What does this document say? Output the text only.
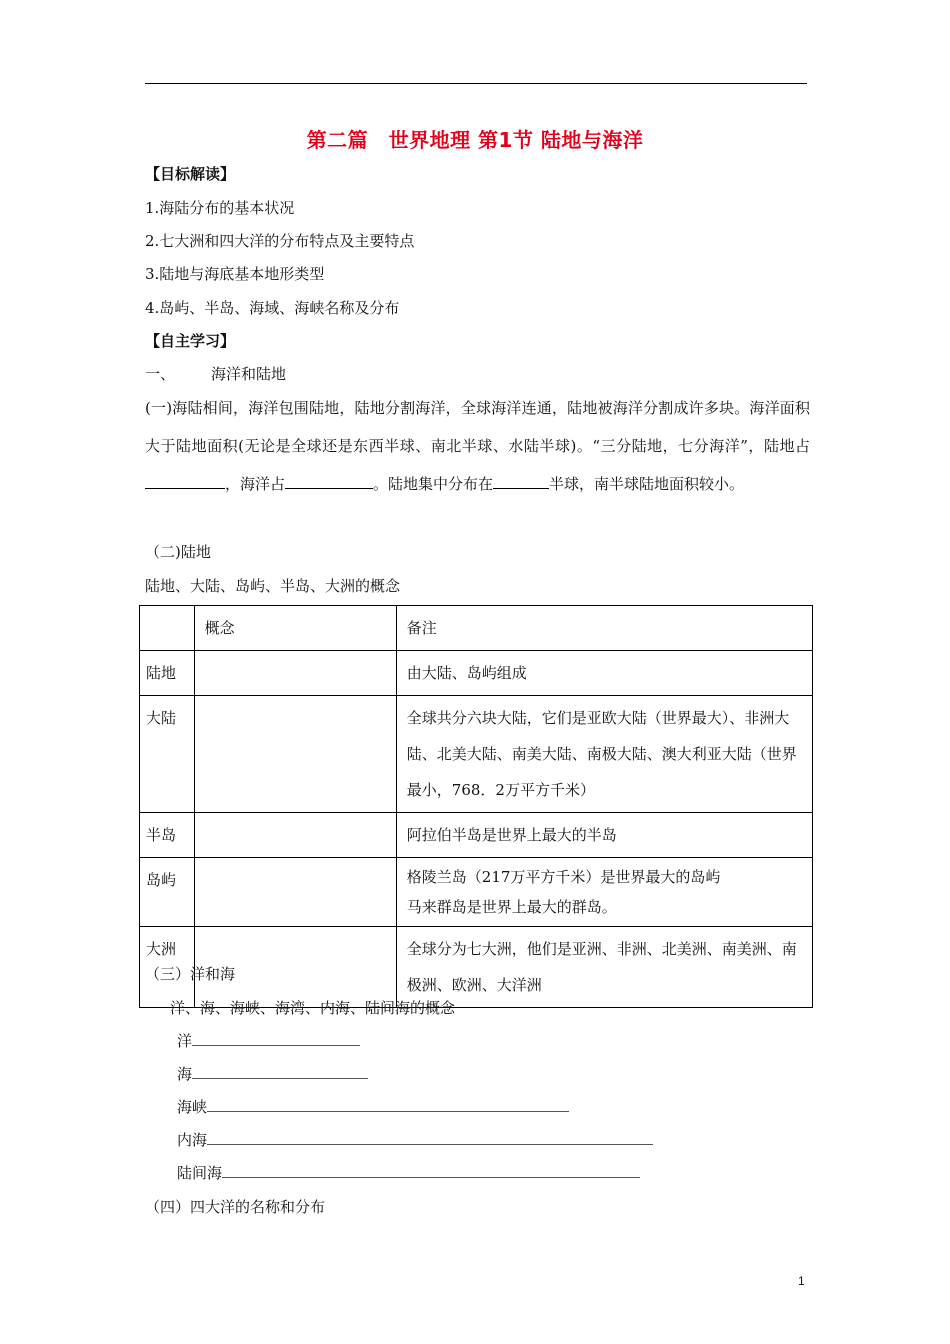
第二篇　世界地理 第1节 陆地与海洋
【目标解读】
1.海陆分布的基本状况
2.七大洲和四大洋的分布特点及主要特点
3.陆地与海底基本地形类型
4.岛屿、半岛、海域、海峡名称及分布
【自主学习】
一、 海洋和陆地
(一)海陆相间，海洋包围陆地，陆地分割海洋，全球海洋连通，陆地被海洋分割成许多块。海洋面积大于陆地面积(无论是全球还是东西半球、南北半球、水陆半球)。“三分陆地，七分海洋”，陆地占，海洋占	。陆地集中分布在	半球，南半球陆地面积较小。
（二)陆地
陆地、大陆、岛屿、半岛、大洲的概念
	概念	备注
陆地		由大陆、岛屿组成
大陆		全球共分六块大陆，它们是亚欧大陆（世界最大）、非洲大陆、北美大陆、南美大陆、南极大陆、澳大利亚大陆（世界最小，768．2万平方千米）
半岛		阿拉伯半岛是世界上最大的半岛
岛屿		格陵兰岛（217万平方千米）是世界最大的岛屿
马来群岛是世界上最大的群岛。

大洲		全球分为七大洲，他们是亚洲、非洲、北美洲、南美洲、南极洲、欧洲、大洋洲
（三）洋和海
洋、海、海峡、海湾、内海、陆间海的概念
洋
海
海峡
内海
陆间海
（四）四大洋的名称和分布
1
